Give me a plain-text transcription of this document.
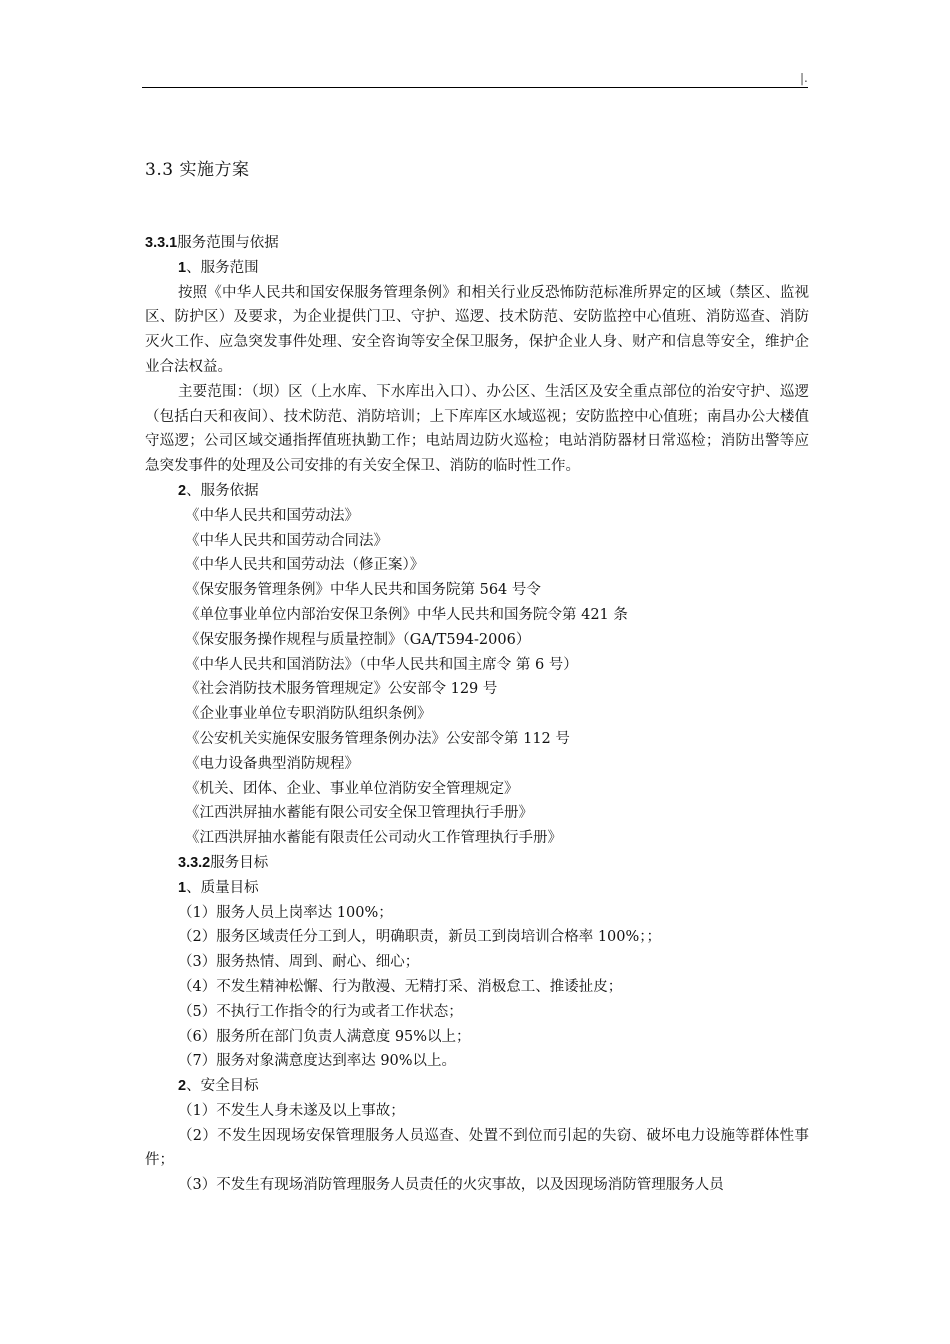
|.
3.3 实施方案

3.3.1服务范围与依据

1、服务范围

按照《中华人民共和国安保服务管理条例》和相关行业反恐怖防范标准所界定的区域（禁区、监视区、防护区）及要求，为企业提供门卫、守护、巡逻、技术防范、安防监控中心值班、消防巡查、消防灭火工作、应急突发事件处理、安全咨询等安全保卫服务，保护企业人身、财产和信息等安全，维护企业合法权益。

主要范围：（坝）区（上水库、下水库出入口）、办公区、生活区及安全重点部位的治安守护、巡逻（包括白天和夜间）、技术防范、消防培训；上下库库区水域巡视；安防监控中心值班；南昌办公大楼值守巡逻；公司区域交通指挥值班执勤工作；电站周边防火巡检；电站消防器材日常巡检；消防出警等应急突发事件的处理及公司安排的有关安全保卫、消防的临时性工作。

2、服务依据

《中华人民共和国劳动法》

《中华人民共和国劳动合同法》

《中华人民共和国劳动法（修正案）》

《保安服务管理条例》中华人民共和国务院第 564 号令

《单位事业单位内部治安保卫条例》中华人民共和国务院令第 421 条

《保安服务操作规程与质量控制》（GA/T594-2006）

《中华人民共和国消防法》（中华人民共和国主席令 第 6 号）

《社会消防技术服务管理规定》公安部令 129 号

《企业事业单位专职消防队组织条例》

《公安机关实施保安服务管理条例办法》公安部令第 112 号

《电力设备典型消防规程》

《机关、团体、企业、事业单位消防安全管理规定》

《江西洪屏抽水蓄能有限公司安全保卫管理执行手册》

《江西洪屏抽水蓄能有限责任公司动火工作管理执行手册》

3.3.2服务目标

1、质量目标

（1）服务人员上岗率达 100%；

（2）服务区域责任分工到人，明确职责，新员工到岗培训合格率 100%；；

（3）服务热情、周到、耐心、细心；

（4）不发生精神松懈、行为散漫、无精打采、消极怠工、推诿扯皮；

（5）不执行工作指令的行为或者工作状态；

（6）服务所在部门负责人满意度 95%以上；

（7）服务对象满意度达到率达 90%以上。

2、安全目标

（1）不发生人身未遂及以上事故；

（2）不发生因现场安保管理服务人员巡查、处置不到位而引起的失窃、破坏电力设施等群体性事件；

（3）不发生有现场消防管理服务人员责任的火灾事故，以及因现场消防管理服务人员
